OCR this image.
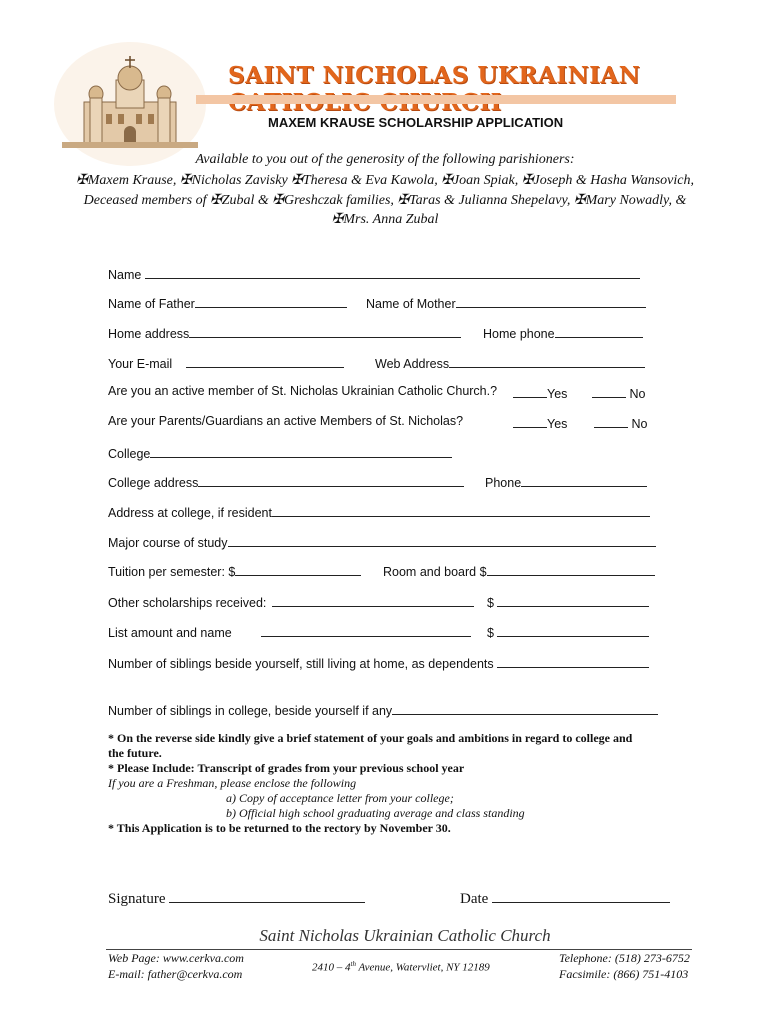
SAINT NICHOLAS UKRAINIAN
MAXEM KRAUSE SCHOLARSHIP APPLICATION
Available to you out of the generosity of the following parishioners:
✠Maxem Krause, ✠Nicholas Zavisky ✠Theresa & Eva Kawola, ✠Joan Spiak, ✠Joseph & Hasha Wansovich,
Deceased members of ✠Zubal & ✠Greshczak families, ✠Taras & Julianna Shepelavy, ✠Mary Nowadly, &
✠Mrs. Anna Zubal
Name
Name of Father	Name of Mother
Home address	Home phone
Your E-mail	Web Address
Are you an active member of St. Nicholas Ukrainian Catholic Church.?	Yes	No
Are your Parents/Guardians an active Members of St. Nicholas?	Yes	No
College
College address	Phone
Address at college, if resident
Major course of study
Tuition per semester: $	Room and board $
Other scholarships received:	$
List amount and name	$
Number of siblings beside yourself, still living at home, as dependents
Number of siblings in college, beside yourself if any
* On the reverse side kindly give a brief statement of your goals and ambitions in regard to college and
the future.
* Please Include: Transcript of grades from your previous school year
If you are a Freshman, please enclose the following
a) Copy of acceptance letter from your college;
b) Official high school graduating average and class standing
* This Application is to be returned to the rectory by November 30.
Signature	Date
Saint Nicholas Ukrainian Catholic Church
Web Page: www.cerkva.com
E-mail: father@cerkva.com	2410 – 4th Avenue, Watervliet, NY 12189
Telephone: (518) 273-6752
Facsimile: (866) 751-4103
